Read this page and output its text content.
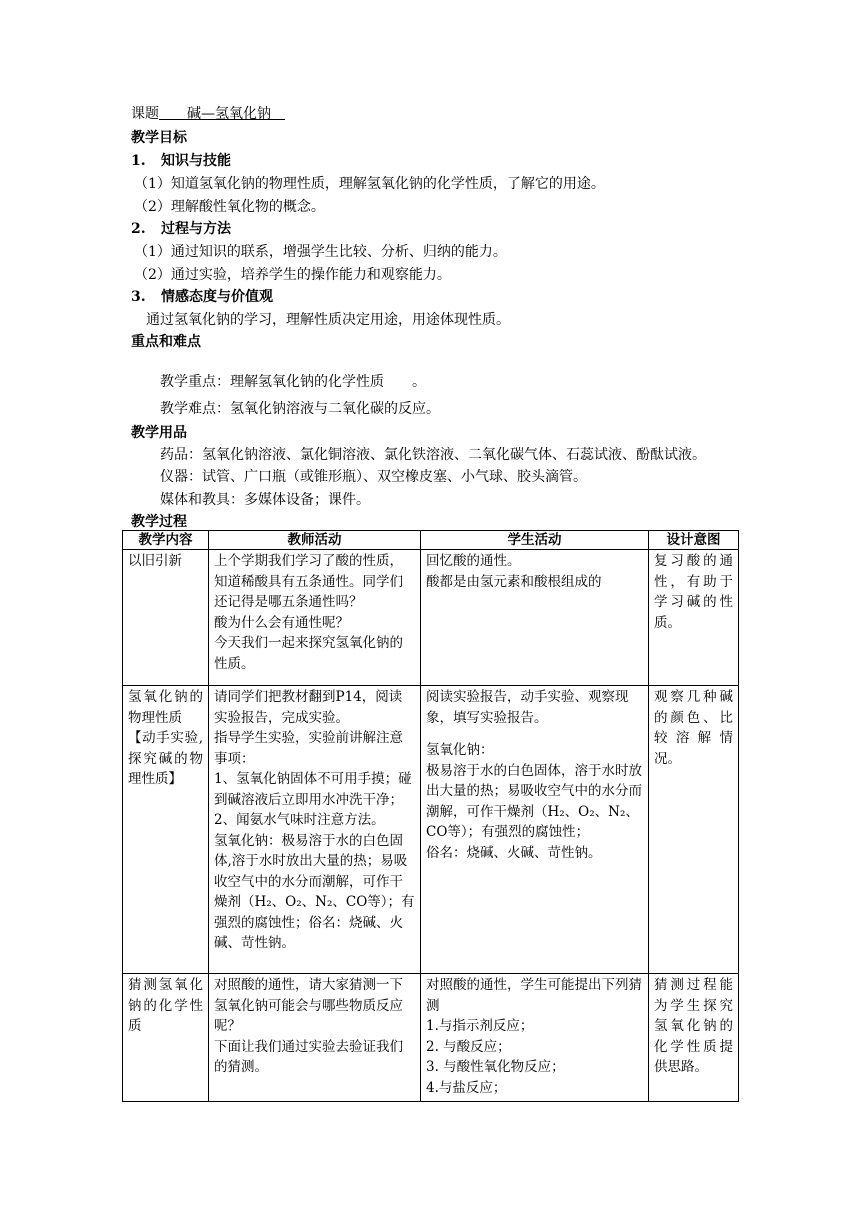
课题　　 碱—氢氧化钠　
教学目标
1. 知识与技能
（1）知道氢氧化钠的物理性质，理解氢氧化钠的化学性质，了解它的用途。
（2）理解酸性氧化物的概念。
2. 过程与方法
（1）通过知识的联系，增强学生比较、分析、归纳的能力。
（2）通过实验，培养学生的操作能力和观察能力。
3. 情感态度与价值观
通过氢氧化钠的学习，理解性质决定用途，用途体现性质。
重点和难点
教学重点：理解氢氧化钠的化学性质　　。
教学难点：氢氧化钠溶液与二氧化碳的反应。
教学用品
药品：氢氧化钠溶液、氯化铜溶液、氯化铁溶液、二氧化碳气体、石蕊试液、酚酞试液。
仪器：试管、广口瓶（或锥形瓶）、双空橡皮塞、小气球、胶头滴管。
媒体和教具：多媒体设备；课件。
教学过程
教学内容	教师活动	学生活动	设计意图

以旧引新	上个学期我们学习了酸的性质，知道稀酸具有五条通性。同学们还记得是哪五条通性吗？
酸为什么会有通性呢？
今天我们一起来探究氢氧化钠的性质。	回忆酸的通性。
酸都是由氢元素和酸根组成的	复习酸的通性，有助于学习碱的性质。

氢氧化钠的物理性质
【动手实验,探究碱的物理性质】	请同学们把教材翻到P14，阅读实验报告，完成实验。
指导学生实验，实验前讲解注意事项：
1、氢氧化钠固体不可用手摸；碰到碱溶液后立即用水冲洗干净；
2、闻氨水气味时注意方法。
氢氧化钠：极易溶于水的白色固体,溶于水时放出大量的热；易吸收空气中的水分而潮解，可作干燥剂（H₂、O₂、N₂、CO等）；有强烈的腐蚀性；俗名：烧碱、火碱、苛性钠。	阅读实验报告，动手实验、观察现象，填写实验报告。
氢氧化钠：
极易溶于水的白色固体，溶于水时放出大量的热；易吸收空气中的水分而潮解，可作干燥剂（H₂、O₂、N₂、CO等）；有强烈的腐蚀性；
俗名：烧碱、火碱、苛性钠。	观察几种碱的颜色、比较溶解情况。

猜测氢氧化钠的化学性质	对照酸的通性，请大家猜测一下氢氧化钠可能会与哪些物质反应呢？
下面让我们通过实验去验证我们的猜测。	对照酸的通性，学生可能提出下列猜测
1.与指示剂反应；
2. 与酸反应；
3. 与酸性氧化物反应；
4.与盐反应；	猜测过程能为学生探究氢氧化钠的化学性质提供思路。
